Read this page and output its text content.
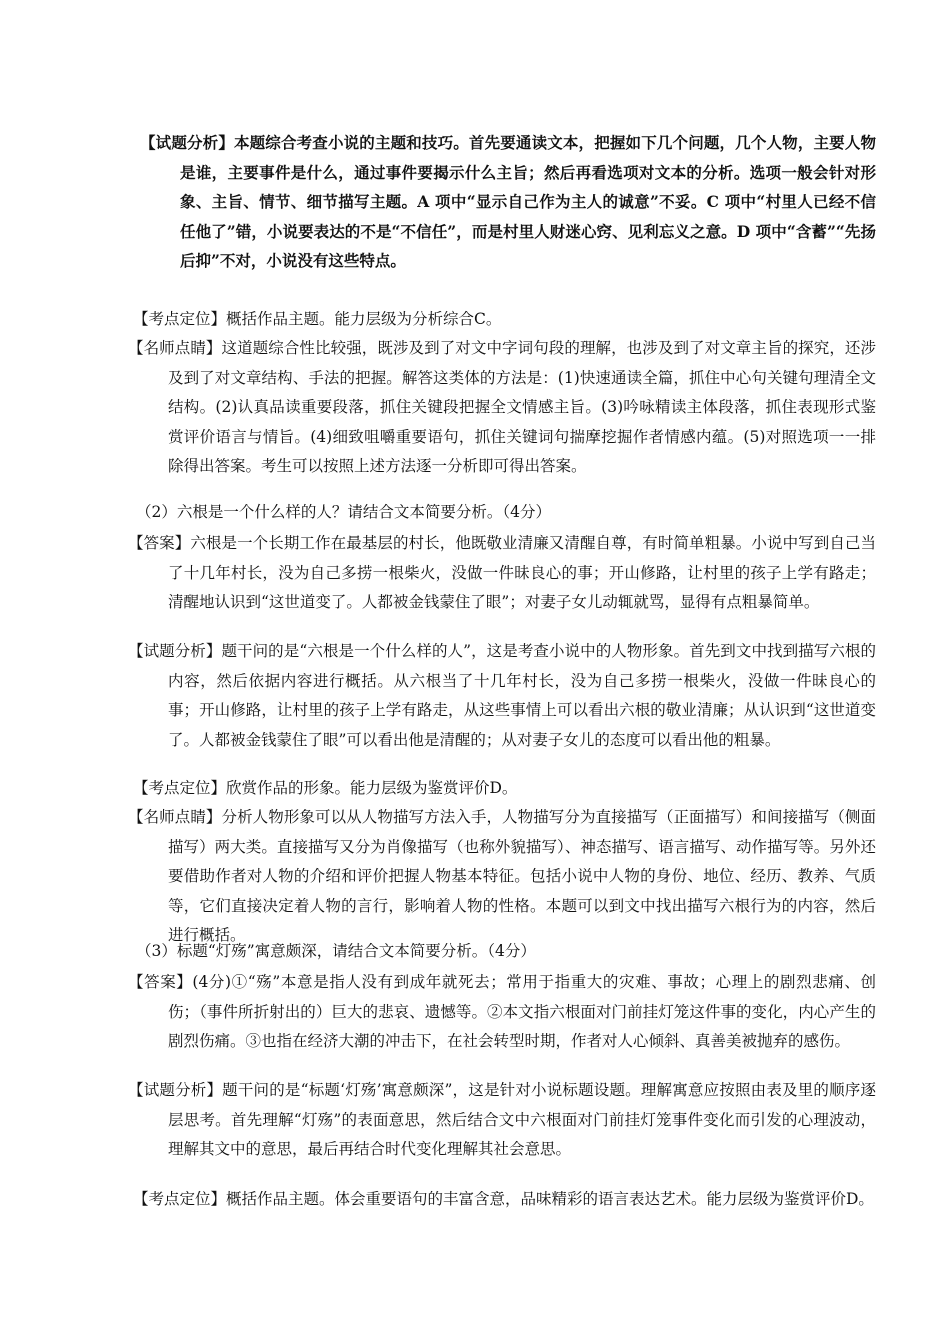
【试题分析】本题综合考查小说的主题和技巧。首先要通读文本，把握如下几个问题，几个人物，主要人物是谁，主要事件是什么，通过事件要揭示什么主旨；然后再看选项对文本的分析。选项一般会针对形象、主旨、情节、细节描写主题。A 项中“显示自己作为主人的诚意”不妥。C 项中“村里人已经不信任他了”错，小说要表达的不是“不信任”，而是村里人财迷心窍、见利忘义之意。D 项中“含蓄”“先扬后抑”不对，小说没有这些特点。

【考点定位】概括作品主题。能力层级为分析综合C。

【名师点睛】这道题综合性比较强，既涉及到了对文中字词句段的理解，也涉及到了对文章主旨的探究，还涉及到了对文章结构、手法的把握。解答这类体的方法是：(1)快速通读全篇，抓住中心句关键句理清全文结构。(2)认真品读重要段落，抓住关键段把握全文情感主旨。(3)吟咏精读主体段落，抓住表现形式鉴赏评价语言与情旨。(4)细致咀嚼重要语句，抓住关键词句揣摩挖掘作者情感内蕴。(5)对照选项一一排除得出答案。考生可以按照上述方法逐一分析即可得出答案。

（2）六根是一个什么样的人？请结合文本简要分析。（4分）

【答案】六根是一个长期工作在最基层的村长，他既敬业清廉又清醒自尊，有时简单粗暴。小说中写到自己当了十几年村长，没为自己多捞一根柴火，没做一件昧良心的事；开山修路，让村里的孩子上学有路走；清醒地认识到“这世道变了。人都被金钱蒙住了眼”；对妻子女儿动辄就骂，显得有点粗暴简单。

【试题分析】题干问的是“六根是一个什么样的人”，这是考查小说中的人物形象。首先到文中找到描写六根的内容，然后依据内容进行概括。从六根当了十几年村长，没为自己多捞一根柴火，没做一件昧良心的事；开山修路，让村里的孩子上学有路走，从这些事情上可以看出六根的敬业清廉；从认识到“这世道变了。人都被金钱蒙住了眼”可以看出他是清醒的；从对妻子女儿的态度可以看出他的粗暴。

【考点定位】欣赏作品的形象。能力层级为鉴赏评价D。

【名师点睛】分析人物形象可以从人物描写方法入手，人物描写分为直接描写（正面描写）和间接描写（侧面描写）两大类。直接描写又分为肖像描写（也称外貌描写）、神态描写、语言描写、动作描写等。另外还要借助作者对人物的介绍和评价把握人物基本特征。包括小说中人物的身份、地位、经历、教养、气质等，它们直接决定着人物的言行，影响着人物的性格。本题可以到文中找出描写六根行为的内容，然后进行概括。

（3）标题“灯殇”寓意颇深，请结合文本简要分析。（4分）

【答案】(4分)①“殇”本意是指人没有到成年就死去；常用于指重大的灾难、事故；心理上的剧烈悲痛、创伤；（事件所折射出的）巨大的悲哀、遗憾等。②本文指六根面对门前挂灯笼这件事的变化，内心产生的剧烈伤痛。③也指在经济大潮的冲击下，在社会转型时期，作者对人心倾斜、真善美被抛弃的感伤。

【试题分析】题干问的是“标题‘灯殇’寓意颇深”，这是针对小说标题设题。理解寓意应按照由表及里的顺序逐层思考。首先理解“灯殇”的表面意思，然后结合文中六根面对门前挂灯笼事件变化而引发的心理波动，理解其文中的意思，最后再结合时代变化理解其社会意思。

【考点定位】概括作品主题。体会重要语句的丰富含意，品味精彩的语言表达艺术。能力层级为鉴赏评价D。
